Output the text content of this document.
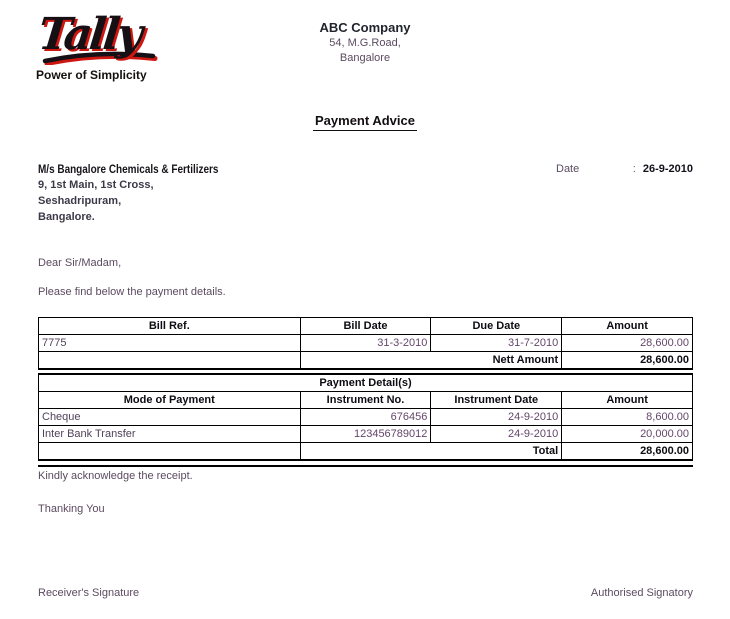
Tally
Power of Simplicity
ABC Company
54, M.G.Road,
Bangalore
Payment Advice
M/s Bangalore Chemicals & Fertilizers
9, 1st Main, 1st Cross,
Seshadripuram,
Bangalore.
Date	: 26-9-2010
Dear Sir/Madam,
Please find below the payment details.
Bill Ref.	Bill Date	Due Date	Amount
7775	31-3-2010	31-7-2010	28,600.00
	Nett Amount		28,600.00
Payment Detail(s)			
Mode of Payment	Instrument No.	Instrument Date	Amount
Cheque	676456	24-9-2010	8,600.00
Inter Bank Transfer	123456789012	24-9-2010	20,000.00
	Total		28,600.00
Kindly acknowledge the receipt.
Thanking You
Receiver's Signature	Authorised Signatory
